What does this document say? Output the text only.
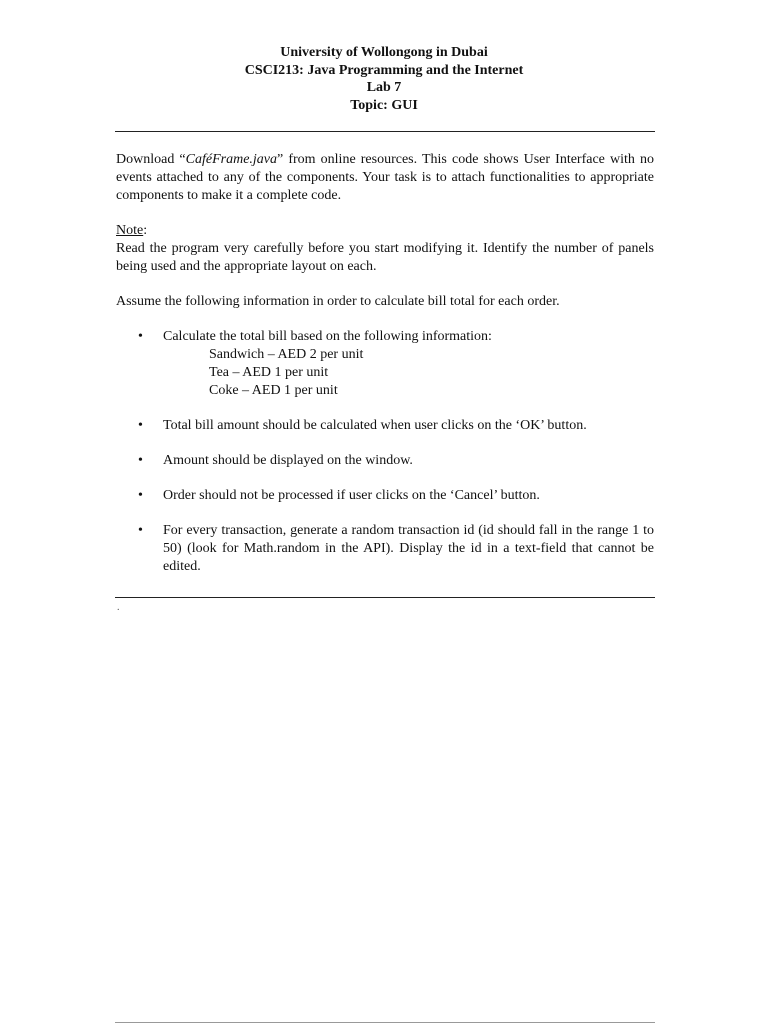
University of Wollongong in Dubai
CSCI213: Java Programming and the Internet
Lab 7
Topic: GUI

Download “CaféFrame.java” from online resources. This code shows User Interface with no events attached to any of the components. Your task is to attach functionalities to appropriate components to make it a complete code.

Note:

Read the program very carefully before you start modifying it. Identify the number of panels being used and the appropriate layout on each.

Assume the following information in order to calculate bill total for each order.

• Calculate the total bill based on the following information:
Sandwich – AED 2 per unit
Tea – AED 1 per unit
Coke – AED 1 per unit
• Total bill amount should be calculated when user clicks on the ‘OK’ button.
• Amount should be displayed on the window.
• Order should not be processed if user clicks on the ‘Cancel’ button.
• For every transaction, generate a random transaction id (id should fall in the range 1 to 50) (look for Math.random in the API). Display the id in a text-field that cannot be edited.
.
